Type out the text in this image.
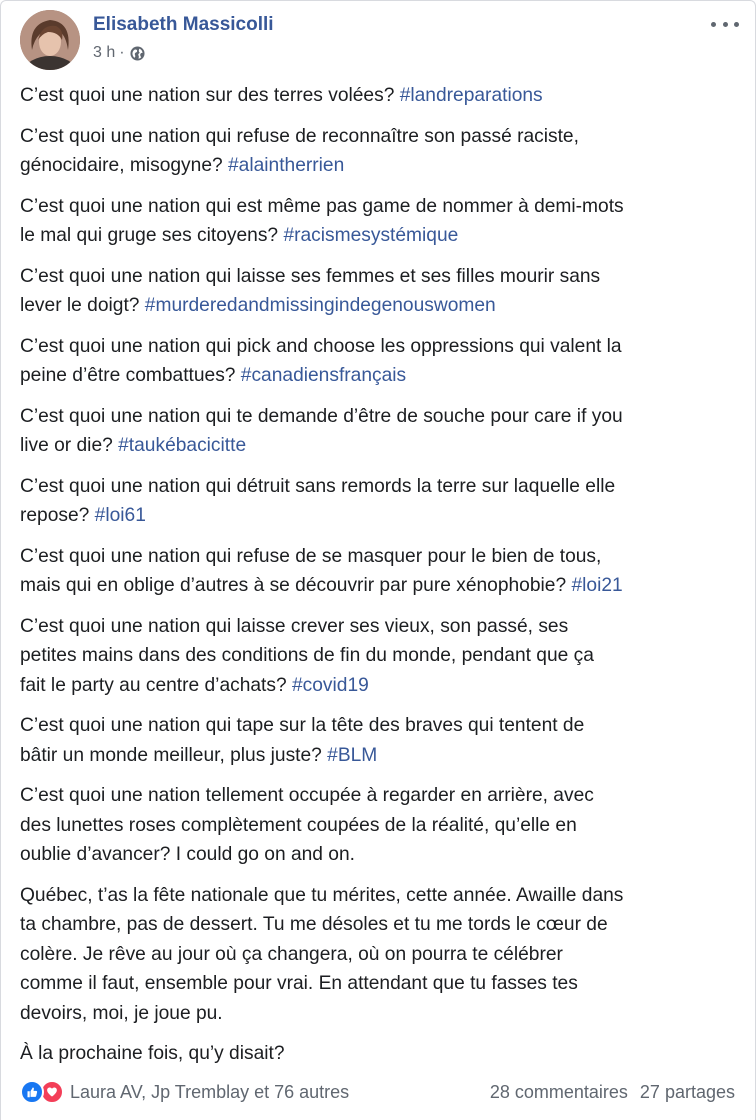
Elisabeth Massicolli
3 h ·

C’est quoi une nation sur des terres volées? #landreparations

C’est quoi une nation qui refuse de reconnaître son passé raciste,
génocidaire, misogyne? #alaintherrien

C’est quoi une nation qui est même pas game de nommer à demi-mots
le mal qui gruge ses citoyens? #racismesystémique

C’est quoi une nation qui laisse ses femmes et ses filles mourir sans
lever le doigt? #murderedandmissingindegenouswomen

C’est quoi une nation qui pick and choose les oppressions qui valent la
peine d’être combattues? #canadiensfrançais

C’est quoi une nation qui te demande d’être de souche pour care if you
live or die? #taukébacicitte

C’est quoi une nation qui détruit sans remords la terre sur laquelle elle
repose? #loi61

C’est quoi une nation qui refuse de se masquer pour le bien de tous,
mais qui en oblige d’autres à se découvrir par pure xénophobie? #loi21

C’est quoi une nation qui laisse crever ses vieux, son passé, ses
petites mains dans des conditions de fin du monde, pendant que ça
fait le party au centre d’achats? #covid19

C’est quoi une nation qui tape sur la tête des braves qui tentent de
bâtir un monde meilleur, plus juste? #BLM

C’est quoi une nation tellement occupée à regarder en arrière, avec
des lunettes roses complètement coupées de la réalité, qu’elle en
oublie d’avancer? I could go on and on.

Québec, t’as la fête nationale que tu mérites, cette année. Awaille dans
ta chambre, pas de dessert. Tu me désoles et tu me tords le cœur de
colère. Je rêve au jour où ça changera, où on pourra te célébrer
comme il faut, ensemble pour vrai. En attendant que tu fasses tes
devoirs, moi, je joue pu.

À la prochaine fois, qu’y disait?

Laura AV, Jp Tremblay et 76 autres	28 commentaires 27 partages
